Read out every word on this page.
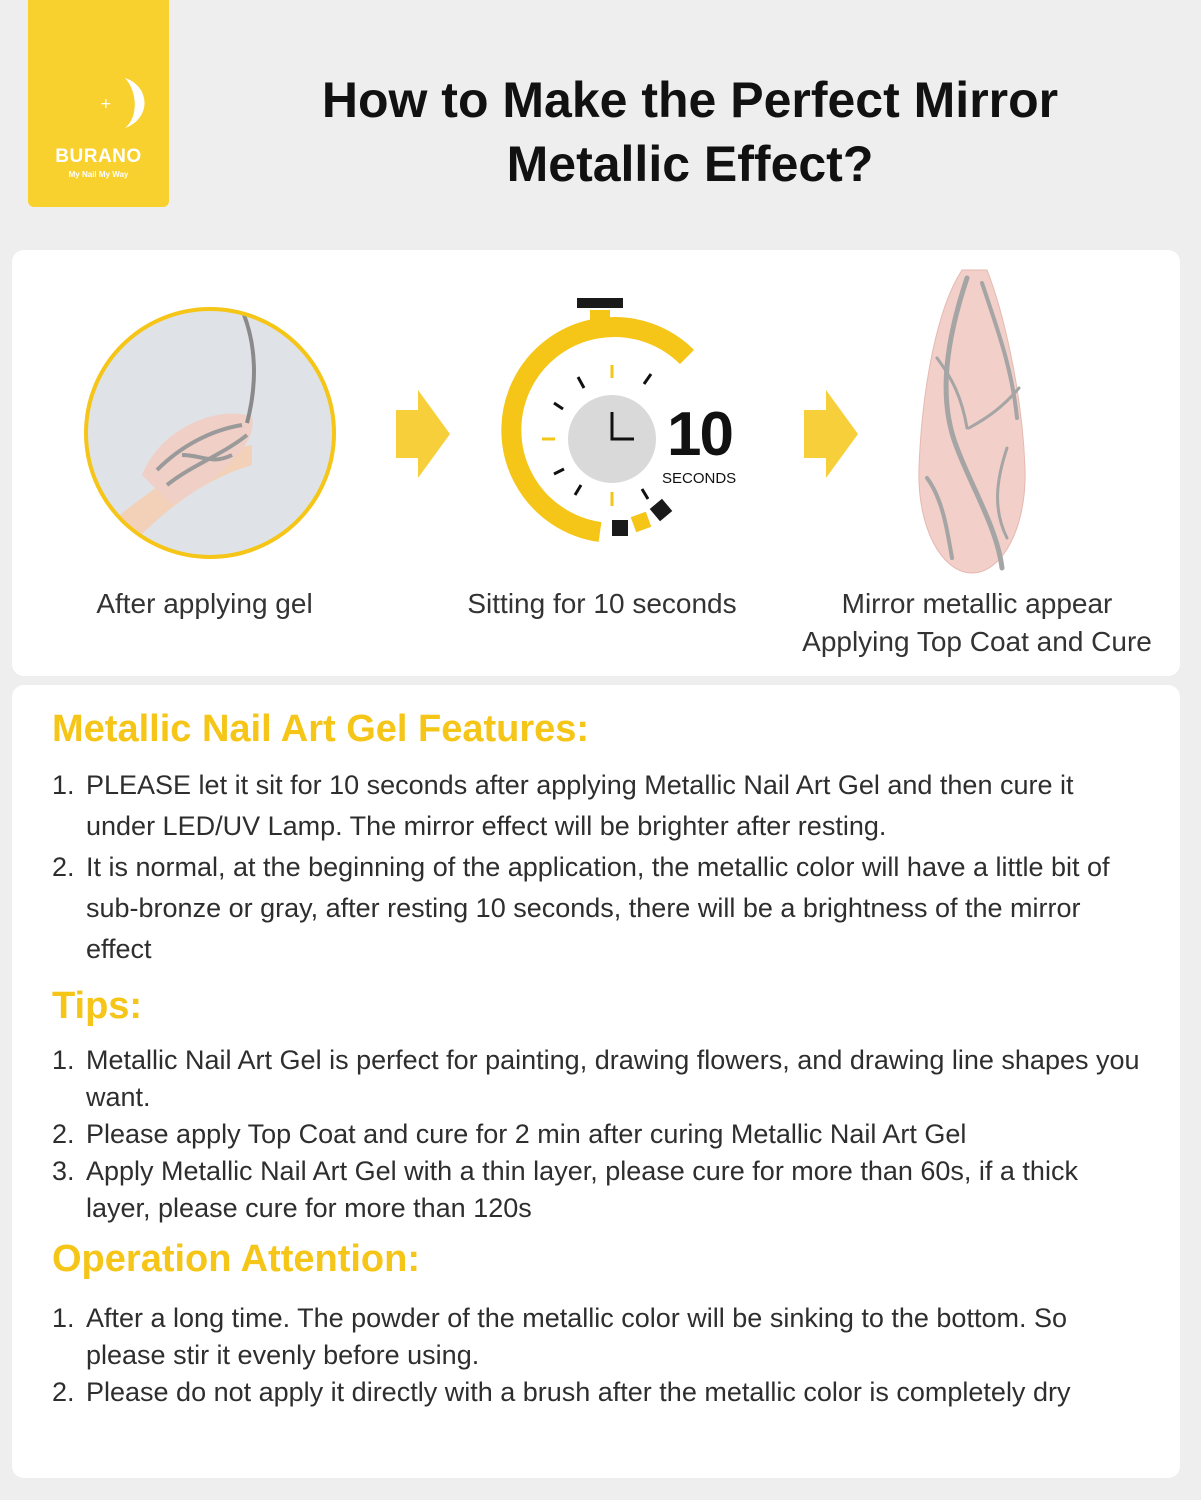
+
BURANO
My Nail My Way
How to Make the Perfect Mirror
Metallic Effect?
10
SECONDS
After applying gel	Sitting for 10 seconds	Mirror metallic appear
Applying Top Coat and Cure
Metallic Nail Art Gel Features:
1. PLEASE let it sit for 10 seconds after applying Metallic Nail Art Gel and then cure it under LED/UV Lamp. The mirror effect will be brighter after resting.
2. It is normal, at the beginning of the application, the metallic color will have a little bit of sub-bronze or gray, after resting 10 seconds, there will be a brightness of the mirror effect
Tips:
1. Metallic Nail Art Gel is perfect for painting, drawing flowers, and drawing line shapes you want.
2. Please apply Top Coat and cure for 2 min after curing Metallic Nail Art Gel
3. Apply Metallic Nail Art Gel with a thin layer, please cure for more than 60s, if a thick layer, please cure for more than 120s
Operation Attention:
1. After a long time. The powder of the metallic color will be sinking to the bottom. So please stir it evenly before using.
2. Please do not apply it directly with a brush after the metallic color is completely dry
